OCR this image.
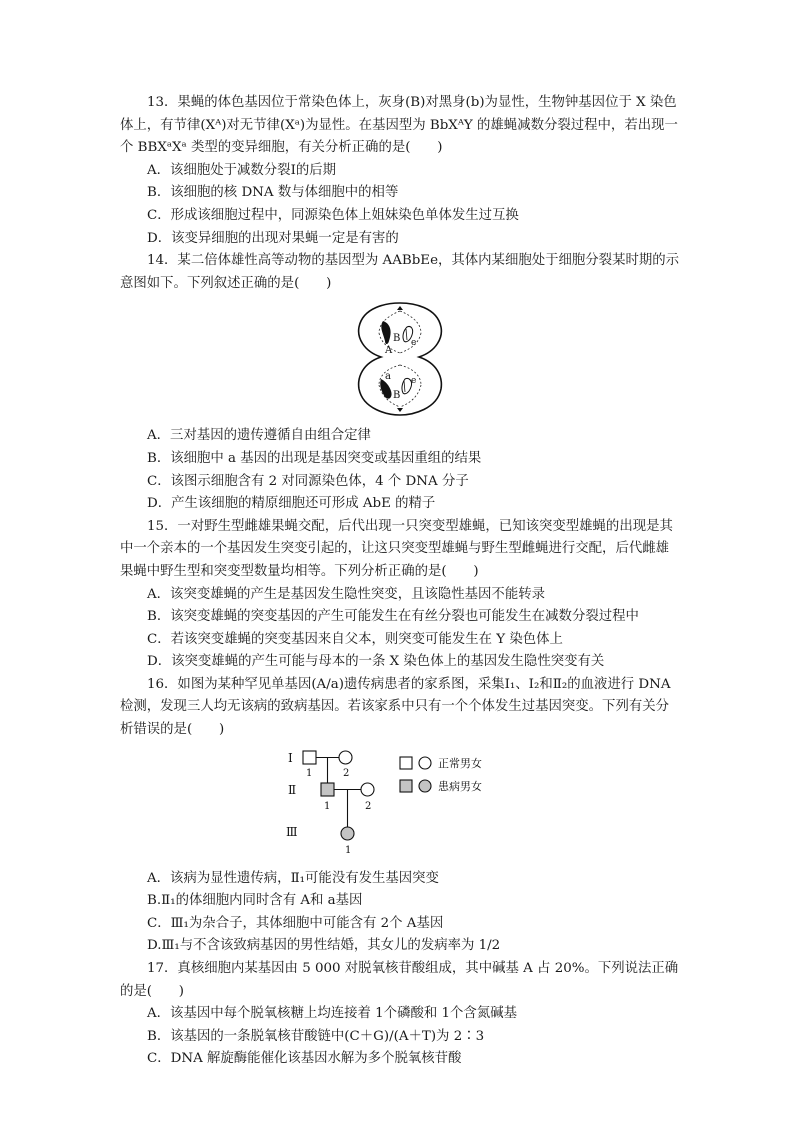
13．果蝇的体色基因位于常染色体上，灰身(B)对黑身(b)为显性，生物钟基因位于 X 染色体上，有节律(Xᴬ)对无节律(Xᵃ)为显性。在基因型为 BbXᴬY 的雄蝇减数分裂过程中，若出现一个 BBXᵃXᵃ 类型的变异细胞，有关分析正确的是(　　)

A．该细胞处于减数分裂Ⅰ的后期

B．该细胞的核 DNA 数与体细胞中的相等

C．形成该细胞过程中，同源染色体上姐妹染色单体发生过互换

D．该变异细胞的出现对果蝇一定是有害的

14．某二倍体雄性高等动物的基因型为 AABbEe，其体内某细胞处于细胞分裂某时期的示意图如下。下列叙述正确的是(　　)

A
B e
a
B
e

A．三对基因的遗传遵循自由组合定律

B．该细胞中 a 基因的出现是基因突变或基因重组的结果

C．该图示细胞含有 2 对同源染色体，4 个 DNA 分子

D．产生该细胞的精原细胞还可形成 AbE 的精子

15．一对野生型雌雄果蝇交配，后代出现一只突变型雄蝇，已知该突变型雄蝇的出现是其中一个亲本的一个基因发生突变引起的，让这只突变型雄蝇与野生型雌蝇进行交配，后代雌雄果蝇中野生型和突变型数量均相等。下列分析正确的是(　　)

A．该突变雄蝇的产生是基因发生隐性突变，且该隐性基因不能转录

B．该突变雄蝇的突变基因的产生可能发生在有丝分裂也可能发生在减数分裂过程中

C．若该突变雄蝇的突变基因来自父本，则突变可能发生在 Y 染色体上

D．该突变雄蝇的产生可能与母本的一条 X 染色体上的基因发生隐性突变有关

16．如图为某种罕见单基因(A/a)遗传病患者的家系图，采集Ⅰ₁、Ⅰ₂和Ⅱ₂的血液进行 DNA 检测，发现三人均无该病的致病基因。若该家系中只有一个个体发生过基因突变。下列有关分析错误的是(　　)

Ⅰ
Ⅱ
Ⅲ
1	2
1	2
1
正常男女
患病男女

A．该病为显性遗传病，Ⅱ₁可能没有发生基因突变

B.Ⅱ₁的体细胞内同时含有 A和 a基因

C．Ⅲ₁为杂合子，其体细胞中可能含有 2个 A基因

D.Ⅲ₁与不含该致病基因的男性结婚，其女儿的发病率为 1/2

17．真核细胞内某基因由 5 000 对脱氧核苷酸组成，其中碱基 A 占 20%。下列说法正确的是(　　)

A．该基因中每个脱氧核糖上均连接着 1个磷酸和 1个含氮碱基

B．该基因的一条脱氧核苷酸链中(C＋G)/(A＋T)为 2∶3

C．DNA 解旋酶能催化该基因水解为多个脱氧核苷酸
